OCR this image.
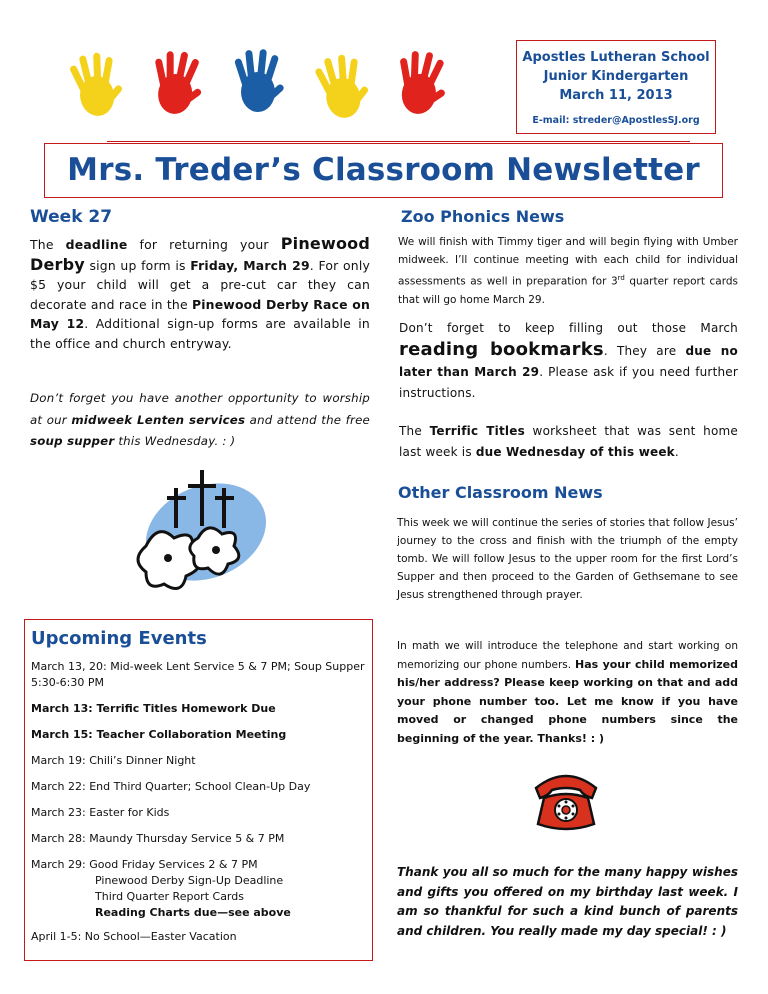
Apostles Lutheran School
Junior Kindergarten
March 11, 2013
E-mail: streder@ApostlesSJ.org
Mrs. Treder’s Classroom Newsletter
Week 27
The deadline for returning your Pinewood Derby sign up form is Friday, March 29. For only $5 your child will get a pre-cut car they can decorate and race in the Pinewood Derby Race on May 12. Additional sign-up forms are available in the office and church entryway.
Don’t forget you have another opportunity to worship at our midweek Lenten services and attend the free soup supper this Wednesday. : )
Upcoming Events
March 13, 20: Mid-week Lent Service 5 & 7 PM; Soup Supper 5:30-6:30 PM
March 13: Terrific Titles Homework Due
March 15: Teacher Collaboration Meeting
March 19: Chili’s Dinner Night
March 22: End Third Quarter; School Clean-Up Day
March 23: Easter for Kids
March 28: Maundy Thursday Service 5 & 7 PM
March 29: Good Friday Services 2 & 7 PM
Pinewood Derby Sign-Up Deadline
Third Quarter Report Cards
Reading Charts due—see above
April 1-5: No School—Easter Vacation
Zoo Phonics News
We will finish with Timmy tiger and will begin flying with Umber midweek. I’ll continue meeting with each child for individual assessments as well in preparation for 3rd quarter report cards that will go home March 29.
Don’t forget to keep filling out those March reading bookmarks. They are due no later than March 29. Please ask if you need further instructions.
The Terrific Titles worksheet that was sent home last week is due Wednesday of this week.
Other Classroom News
This week we will continue the series of stories that follow Jesus’ journey to the cross and finish with the triumph of the empty tomb. We will follow Jesus to the upper room for the first Lord’s Supper and then proceed to the Garden of Gethsemane to see Jesus strengthened through prayer.
In math we will introduce the telephone and start working on memorizing our phone numbers. Has your child memorized his/her address? Please keep working on that and add your phone number too. Let me know if you have moved or changed phone numbers since the beginning of the year. Thanks! : )
Thank you all so much for the many happy wishes and gifts you offered on my birthday last week. I am so thankful for such a kind bunch of parents and children. You really made my day special! : )
